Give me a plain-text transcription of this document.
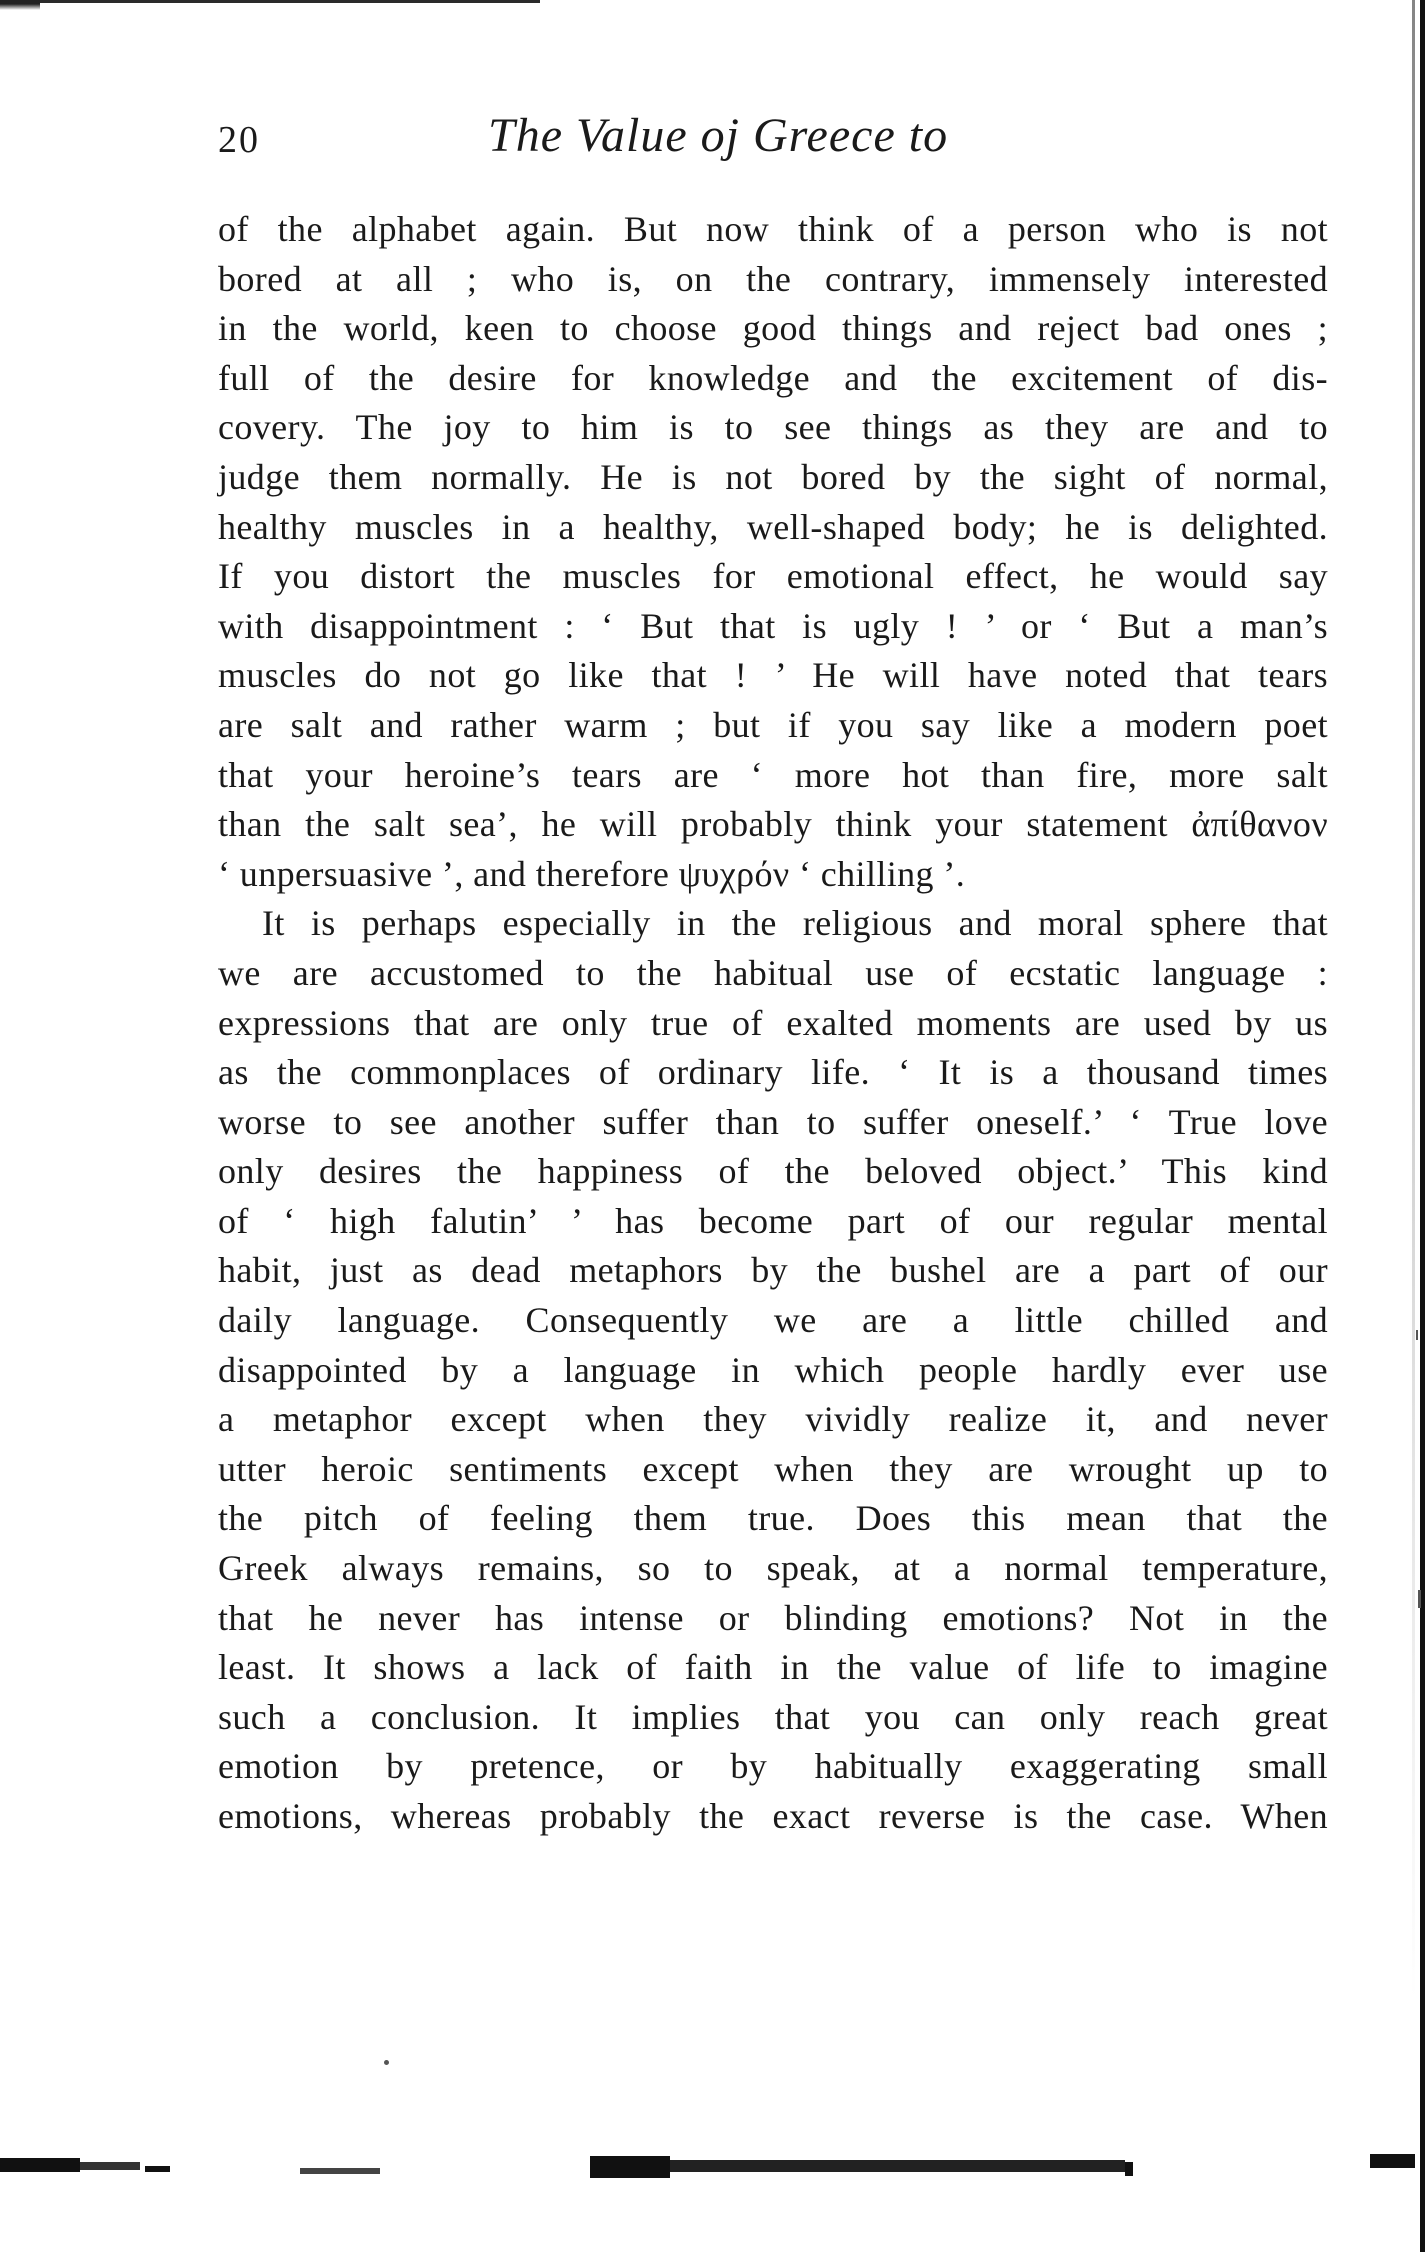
20	The Value oj Greece to
of the alphabet again. But now think of a person who is not
bored at all ; who is, on the contrary, immensely interested
in the world, keen to choose good things and reject bad ones ;
full of the desire for knowledge and the excitement of dis-
covery. The joy to him is to see things as they are and to
judge them normally. He is not bored by the sight of normal,
healthy muscles in a healthy, well-shaped body; he is delighted.
If you distort the muscles for emotional effect, he would say
with disappointment : ‘ But that is ugly ! ’ or ‘ But a man’s
muscles do not go like that ! ’ He will have noted that tears
are salt and rather warm ; but if you say like a modern poet
that your heroine’s tears are ‘ more hot than fire, more salt
than the salt sea’, he will probably think your statement ἀπίθανον
‘ unpersuasive ’, and therefore ψυχρόν ‘ chilling ’.
It is perhaps especially in the religious and moral sphere that
we are accustomed to the habitual use of ecstatic language :
expressions that are only true of exalted moments are used by us
as the commonplaces of ordinary life. ‘ It is a thousand times
worse to see another suffer than to suffer oneself.’ ‘ True love
only desires the happiness of the beloved object.’ This kind
of ‘ high falutin’ ’ has become part of our regular mental
habit, just as dead metaphors by the bushel are a part of our
daily language. Consequently we are a little chilled and
disappointed by a language in which people hardly ever use
a metaphor except when they vividly realize it, and never
utter heroic sentiments except when they are wrought up to
the pitch of feeling them true. Does this mean that the
Greek always remains, so to speak, at a normal temperature,
that he never has intense or blinding emotions? Not in the
least. It shows a lack of faith in the value of life to imagine
such a conclusion. It implies that you can only reach great
emotion by pretence, or by habitually exaggerating small
emotions, whereas probably the exact reverse is the case. When
